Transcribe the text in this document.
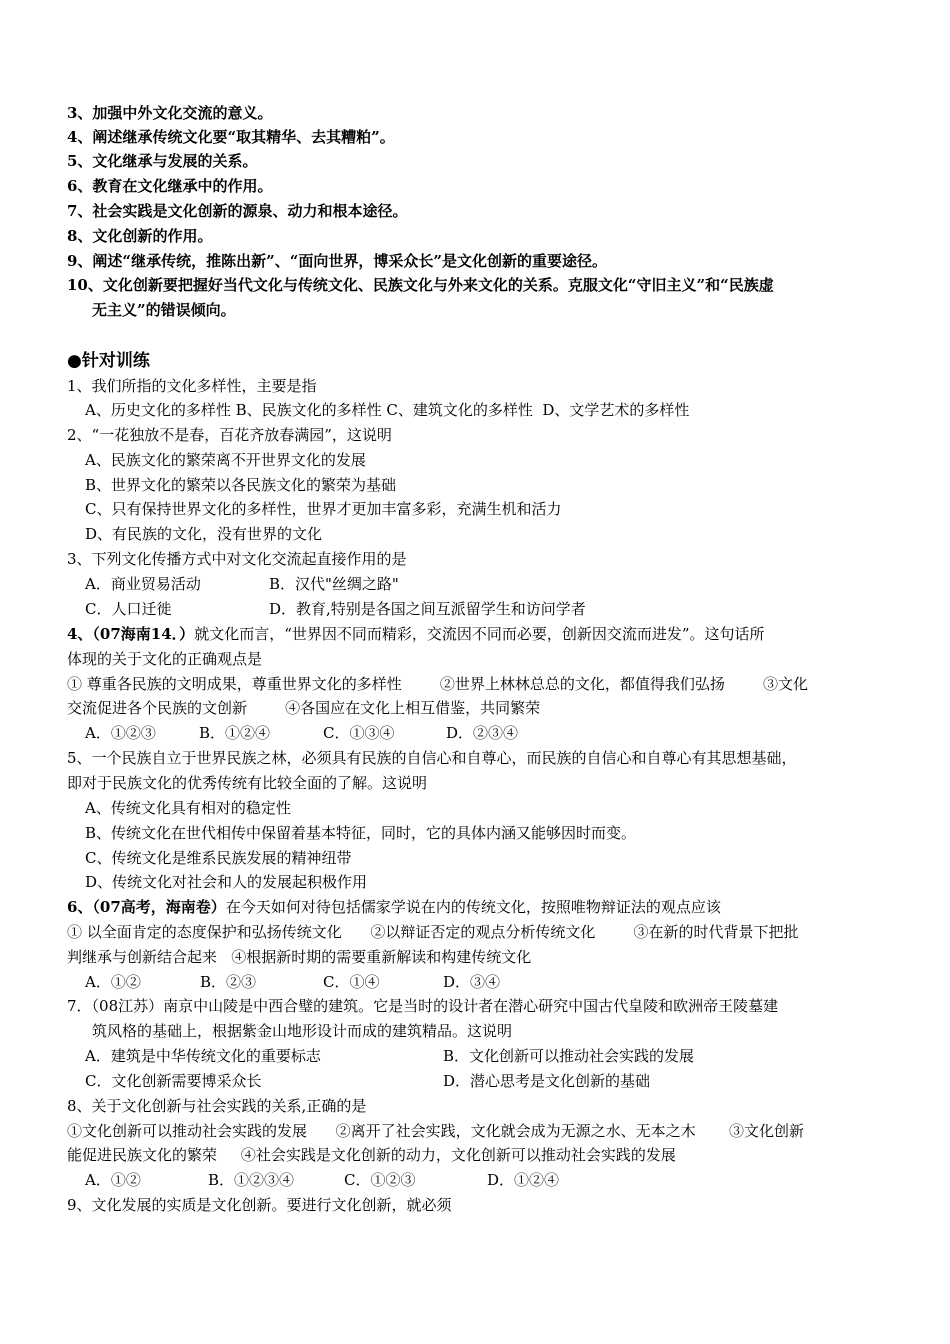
3、加强中外文化交流的意义。
4、阐述继承传统文化要“取其精华、去其糟粕”。
5、文化继承与发展的关系。
6、教育在文化继承中的作用。
7、社会实践是文化创新的源泉、动力和根本途径。
8、文化创新的作用。
9、阐述“继承传统，推陈出新”、“面向世界，博采众长”是文化创新的重要途径。
10、文化创新要把握好当代文化与传统文化、民族文化与外来文化的关系。克服文化“守旧主义”和“民族虚
无主义”的错误倾向。
●针对训练
1、我们所指的文化多样性，主要是指
A、历史文化的多样性 B、民族文化的多样性 C、建筑文化的多样性  D、文学艺术的多样性
2、“一花独放不是春，百花齐放春满园”，这说明
A、民族文化的繁荣离不开世界文化的发展
B、世界文化的繁荣以各民族文化的繁荣为基础
C、只有保持世界文化的多样性，世界才更加丰富多彩，充满生机和活力
D、有民族的文化，没有世界的文化
3、下列文化传播方式中对文化交流起直接作用的是
A．商业贸易活动	B．汉代"丝绸之路"
C．人口迁徙	D．教育,特别是各国之间互派留学生和访问学者
4、（07海南14．）就文化而言，“世界因不同而精彩，交流因不同而必要，创新因交流而进发”。这句话所
体现的关于文化的正确观点是
① 尊重各民族的文明成果，尊重世界文化的多样性        ②世界上林林总总的文化，都值得我们弘扬        ③文化
交流促进各个民族的文创新        ④各国应在文化上相互借鉴，共同繁荣
A．①②③	B．①②④	C．①③④	D．②③④
5、一个民族自立于世界民族之林，必须具有民族的自信心和自尊心，而民族的自信心和自尊心有其思想基础，
即对于民族文化的优秀传统有比较全面的了解。这说明
A、传统文化具有相对的稳定性
B、传统文化在世代相传中保留着基本特征，同时，它的具体内涵又能够因时而变。
C、传统文化是维系民族发展的精神纽带
D、传统文化对社会和人的发展起积极作用
6、（07高考，海南卷）在今天如何对待包括儒家学说在内的传统文化，按照唯物辩证法的观点应该
① 以全面肯定的态度保护和弘扬传统文化      ②以辩证否定的观点分析传统文化        ③在新的时代背景下把批
判继承与创新结合起来   ④根据新时期的需要重新解读和构建传统文化
A．①②	B．②③	C．①④	D．③④
7．（08江苏）南京中山陵是中西合璧的建筑。它是当时的设计者在潜心研究中国古代皇陵和欧洲帝王陵墓建
筑风格的基础上，根据紫金山地形设计而成的建筑精品。这说明
A．建筑是中华传统文化的重要标志	B．文化创新可以推动社会实践的发展
C．文化创新需要博采众长	D．潜心思考是文化创新的基础
8、关于文化创新与社会实践的关系,正确的是
①文化创新可以推动社会实践的发展      ②离开了社会实践，文化就会成为无源之水、无本之木       ③文化创新
能促进民族文化的繁荣     ④社会实践是文化创新的动力，文化创新可以推动社会实践的发展
A．①②	B．①②③④	C．①②③	D．①②④
9、文化发展的实质是文化创新。要进行文化创新，就必须
